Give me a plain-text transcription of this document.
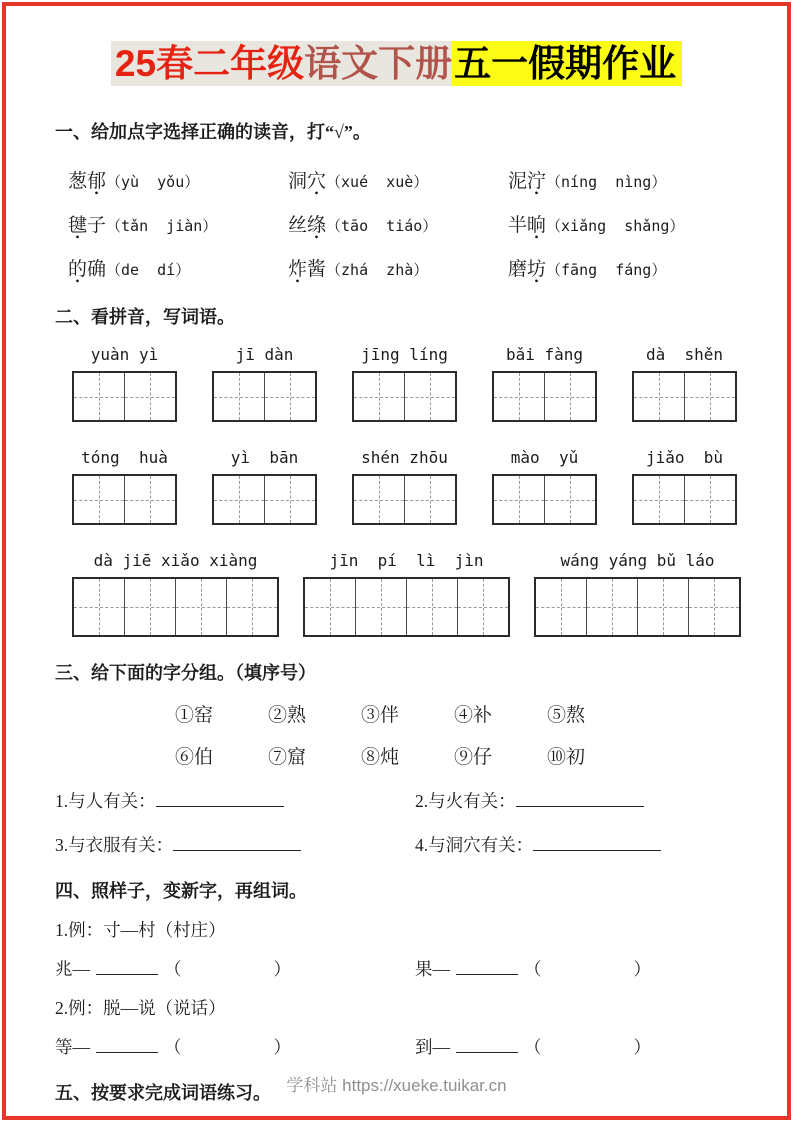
25春二年级语文下册五一假期作业
一、给加点字选择正确的读音，打“√”。
葱郁（yù  yǒu）	洞穴（xué  xuè）	泥泞（níng  nìng）
毽子（tǎn  jiàn）	丝绦（tāo  tiáo）	半晌（xiǎng  shǎng）
的确（de  dí）	炸酱（zhá  zhà）	磨坊（fāng  fáng）
二、看拼音，写词语。
yuàn yì	jī dàn	jīng líng	bǎi fàng	dà  shěn
tóng  huà	yì  bān	shén zhōu	mào  yǔ	jiǎo  bù
dà jiē xiǎo xiàng	jīn  pí  lì  jìn	wáng yáng bǔ láo
三、给下面的字分组。（填序号）
①窑	②熟	③伴	④补	⑤熬
⑥伯	⑦窟	⑧炖	⑨仔	⑩初
1.与人有关：	2.与火有关：
3.与衣服有关：	4.与洞穴有关：
四、照样子，变新字，再组词。
1.例：寸—村（村庄）
兆—	（	）	果—	（	）
2.例：脱—说（说话）
等—	（	）	到—	（	）
五、按要求完成词语练习。 学科站 https://xueke.tuikar.cn
